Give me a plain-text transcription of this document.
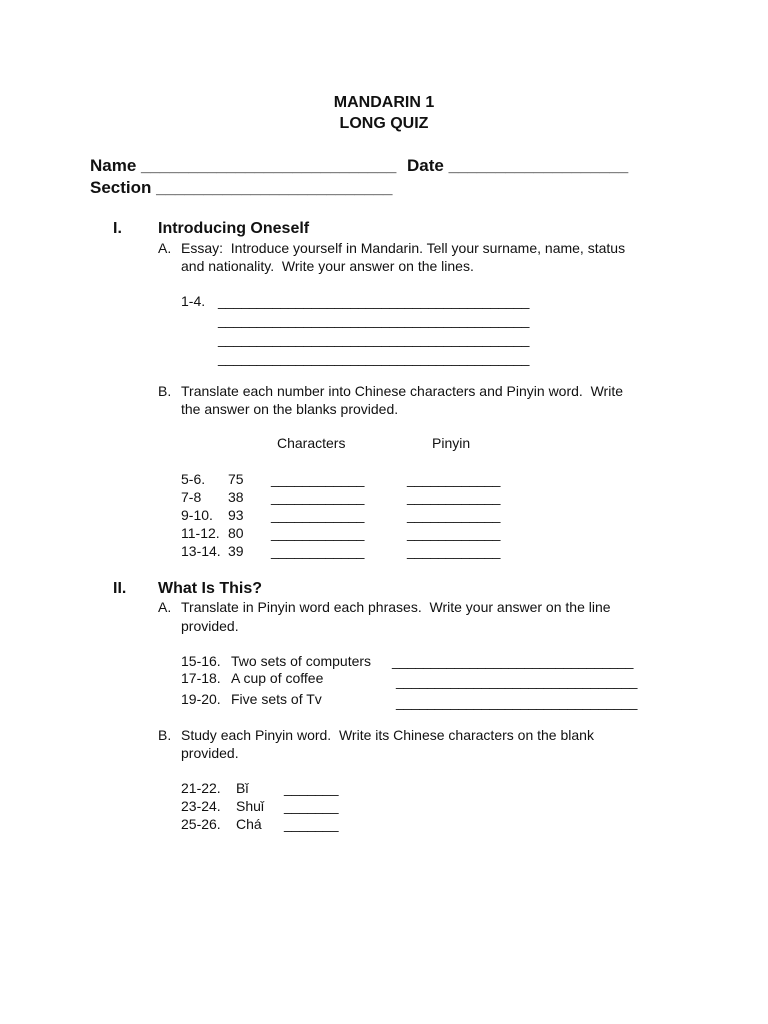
MANDARIN 1
LONG QUIZ
Name ___________________________ Date ___________________
Section _________________________
I. Introducing Oneself
A. Essay:  Introduce yourself in Mandarin. Tell your surname, name, status
and nationality.  Write your answer on the lines.
1-4. ________________________________________
________________________________________
________________________________________
________________________________________
B. Translate each number into Chinese characters and Pinyin word.  Write
the answer on the blanks provided.
Characters	Pinyin
5-6. 75 ____________	____________
7-8 38 ____________	____________
9-10. 93 ____________	____________
11-12. 80 ____________	____________
13-14. 39 ____________	____________
II. What Is This?
A. Translate in Pinyin word each phrases.  Write your answer on the line
provided.
15-16. Two sets of computers _______________________________
17-18. A cup of coffee	_______________________________
19-20. Five sets of Tv	_______________________________
B. Study each Pinyin word.  Write its Chinese characters on the blank
provided.
21-22. Bǐ	_______
23-24. Shuǐ _______
25-26. Chá _______
